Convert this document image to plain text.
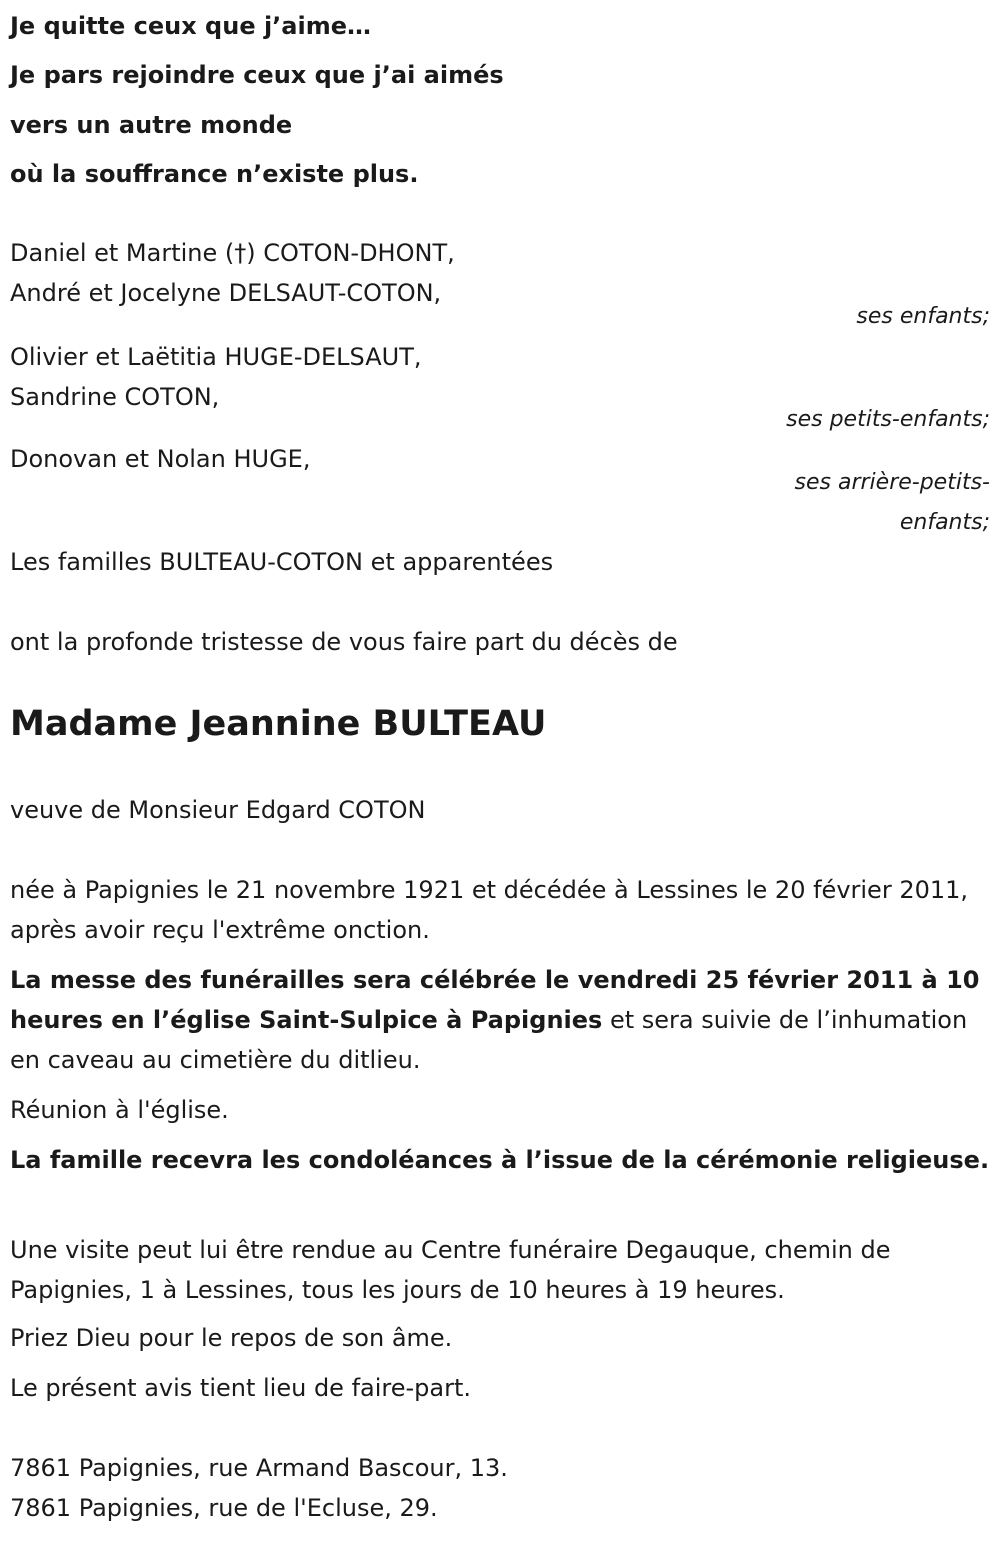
Je quitte ceux que j’aime…
Je pars rejoindre ceux que j’ai aimés
vers un autre monde
où la souffrance n’existe plus.
Daniel et Martine (†) COTON-DHONT,
André et Jocelyne DELSAUT-COTON,
ses enfants;
Olivier et Laëtitia HUGE-DELSAUT,
Sandrine COTON,
ses petits-enfants;
Donovan et Nolan HUGE,
ses arrière-petits-
enfants;
Les familles BULTEAU-COTON et apparentées
ont la profonde tristesse de vous faire part du décès de
Madame Jeannine BULTEAU
veuve de Monsieur Edgard COTON
née à Papignies le 21 novembre 1921 et décédée à Lessines le 20 février 2011, après avoir reçu l'extrême onction.
La messe des funérailles sera célébrée le vendredi 25 février 2011 à 10 heures en l’église Saint-Sulpice à Papignies et sera suivie de l’inhumation en caveau au cimetière du ditlieu.
Réunion à l'église.
La famille recevra les condoléances à l’issue de la cérémonie religieuse.
Une visite peut lui être rendue au Centre funéraire Degauque, chemin de Papignies, 1 à Lessines, tous les jours de 10 heures à 19 heures.
Priez Dieu pour le repos de son âme.
Le présent avis tient lieu de faire-part.
7861 Papignies, rue Armand Bascour, 13.
7861 Papignies, rue de l'Ecluse, 29.
